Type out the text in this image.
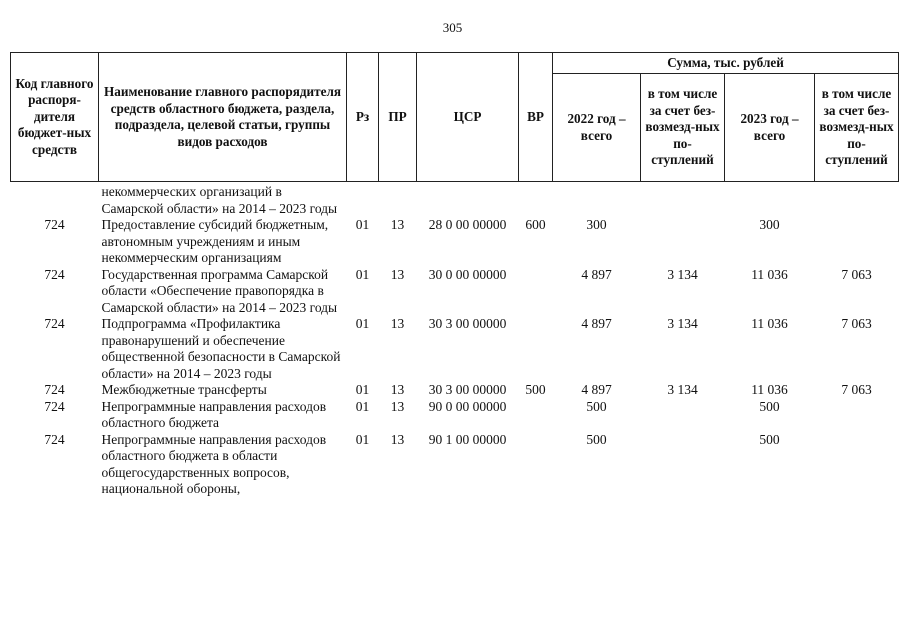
305
Код главного распоря-дителя бюджет-ных средств	Наименование главного распорядителя средств областного бюджета, раздела, подраздела, целевой статьи, группы видов расходов	Рз	ПР	ЦСР	ВР	Сумма, тыс. рублей			
						2022 год – всего	в том числе за счет без-возмезд-ных по-ступлений	2023 год – всего	в том числе за счет без-возмезд-ных по-ступлений
	некоммерческих организаций в Самарской области» на 2014 – 2023 годы								
724	Предоставление субсидий бюджетным, автономным учреждениям и иным некоммерческим организациям	01	13	28 0 00 00000	600	300		300	
724	Государственная программа Самарской области «Обеспечение правопорядка в Самарской области» на 2014 – 2023 годы	01	13	30 0 00 00000		4 897	3 134	11 036	7 063
724	Подпрограмма «Профилактика правонарушений и обеспечение общественной безопасности в Самарской области» на 2014 – 2023 годы	01	13	30 3 00 00000		4 897	3 134	11 036	7 063
724	Межбюджетные трансферты	01	13	30 3 00 00000	500	4 897	3 134	11 036	7 063
724	Непрограммные направления расходов областного бюджета	01	13	90 0 00 00000		500		500	
724	Непрограммные направления расходов областного бюджета в области общегосударственных вопросов, национальной обороны,	01	13	90 1 00 00000		500		500	
